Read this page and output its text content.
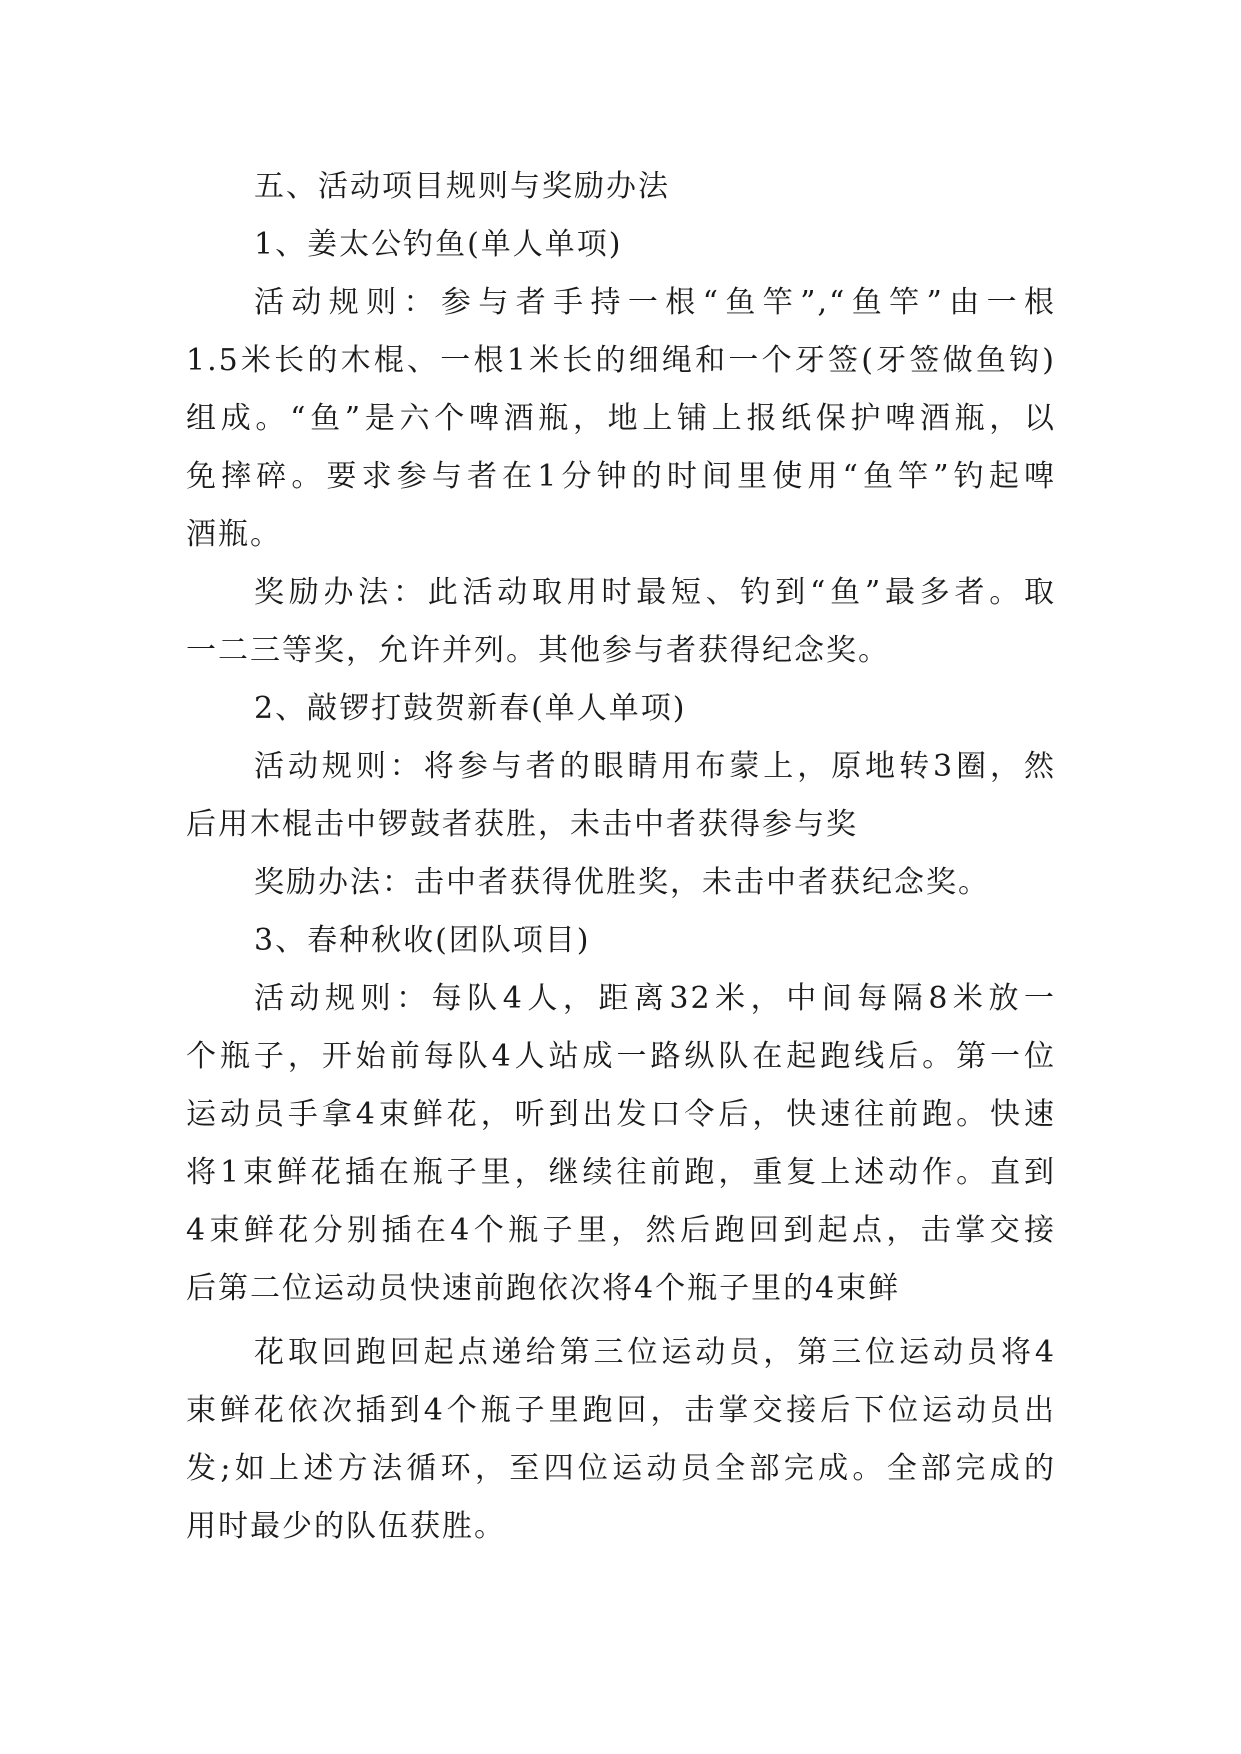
五、活动项目规则与奖励办法
1、姜太公钓鱼(单人单项)
活动规则：参与者手持一根“鱼竿”,“鱼竿”由一根
1.5米长的木棍、一根1米长的细绳和一个牙签(牙签做鱼钩)
组成。“鱼”是六个啤酒瓶，地上铺上报纸保护啤酒瓶，以
免摔碎。要求参与者在1分钟的时间里使用“鱼竿”钓起啤
酒瓶。
奖励办法：此活动取用时最短、钓到“鱼”最多者。取
一二三等奖，允许并列。其他参与者获得纪念奖。
2、敲锣打鼓贺新春(单人单项)
活动规则：将参与者的眼睛用布蒙上，原地转3圈，然
后用木棍击中锣鼓者获胜，未击中者获得参与奖
奖励办法：击中者获得优胜奖，未击中者获纪念奖。
3、春种秋收(团队项目)
活动规则：每队4人，距离32米，中间每隔8米放一
个瓶子，开始前每队4人站成一路纵队在起跑线后。第一位
运动员手拿4束鲜花，听到出发口令后，快速往前跑。快速
将1束鲜花插在瓶子里，继续往前跑，重复上述动作。直到
4束鲜花分别插在4个瓶子里，然后跑回到起点，击掌交接
后第二位运动员快速前跑依次将4个瓶子里的4束鲜
花取回跑回起点递给第三位运动员，第三位运动员将4
束鲜花依次插到4个瓶子里跑回，击掌交接后下位运动员出
发;如上述方法循环，至四位运动员全部完成。全部完成的
用时最少的队伍获胜。
